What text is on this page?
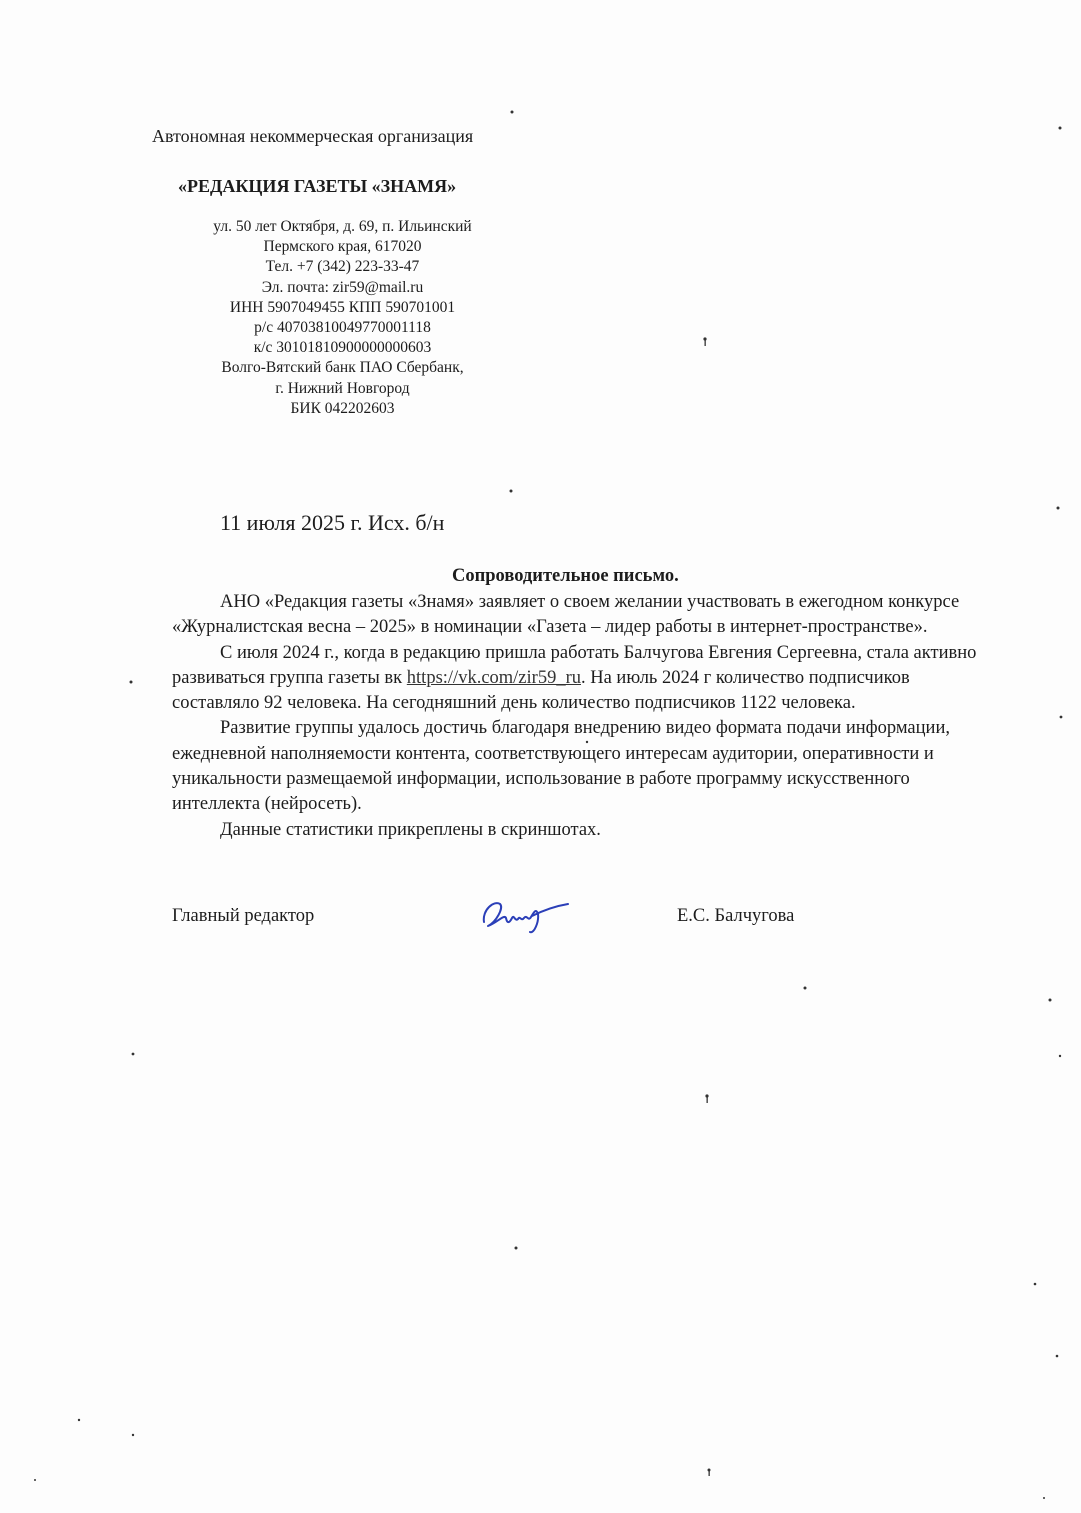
Автономная некоммерческая организация
«РЕДАКЦИЯ ГАЗЕТЫ «ЗНАМЯ»
ул. 50 лет Октября, д. 69, п. Ильинский
Пермского края, 617020
Тел. +7 (342) 223-33-47
Эл. почта: zir59@mail.ru
ИНН 5907049455 КПП 590701001
р/с 40703810049770001118
к/с 30101810900000000603
Волго-Вятский банк ПАО Сбербанк,
г. Нижний Новгород
БИК 042202603
11 июля 2025 г. Исх. б/н
Сопроводительное письмо.

АНО «Редакция газеты «Знамя» заявляет о своем желании участвовать в ежегодном конкурсе «Журналистская весна – 2025» в номинации «Газета – лидер работы в интернет-пространстве».

С июля 2024 г., когда в редакцию пришла работать Балчугова Евгения Сергеевна, стала активно развиваться группа газеты вк https://vk.com/zir59_ru. На июль 2024 г количество подписчиков составляло 92 человека. На сегодняшний день количество подписчиков 1122 человека.

Развитие группы удалось достичь благодаря внедрению видео формата подачи информации, ежедневной наполняемости контента, соответствующего интересам аудитории, оперативности и уникальности размещаемой информации, использование в работе программу искусственного интеллекта (нейросеть).

Данные статистики прикреплены в скриншотах.

Главный редактор	Е.С. Балчугова
